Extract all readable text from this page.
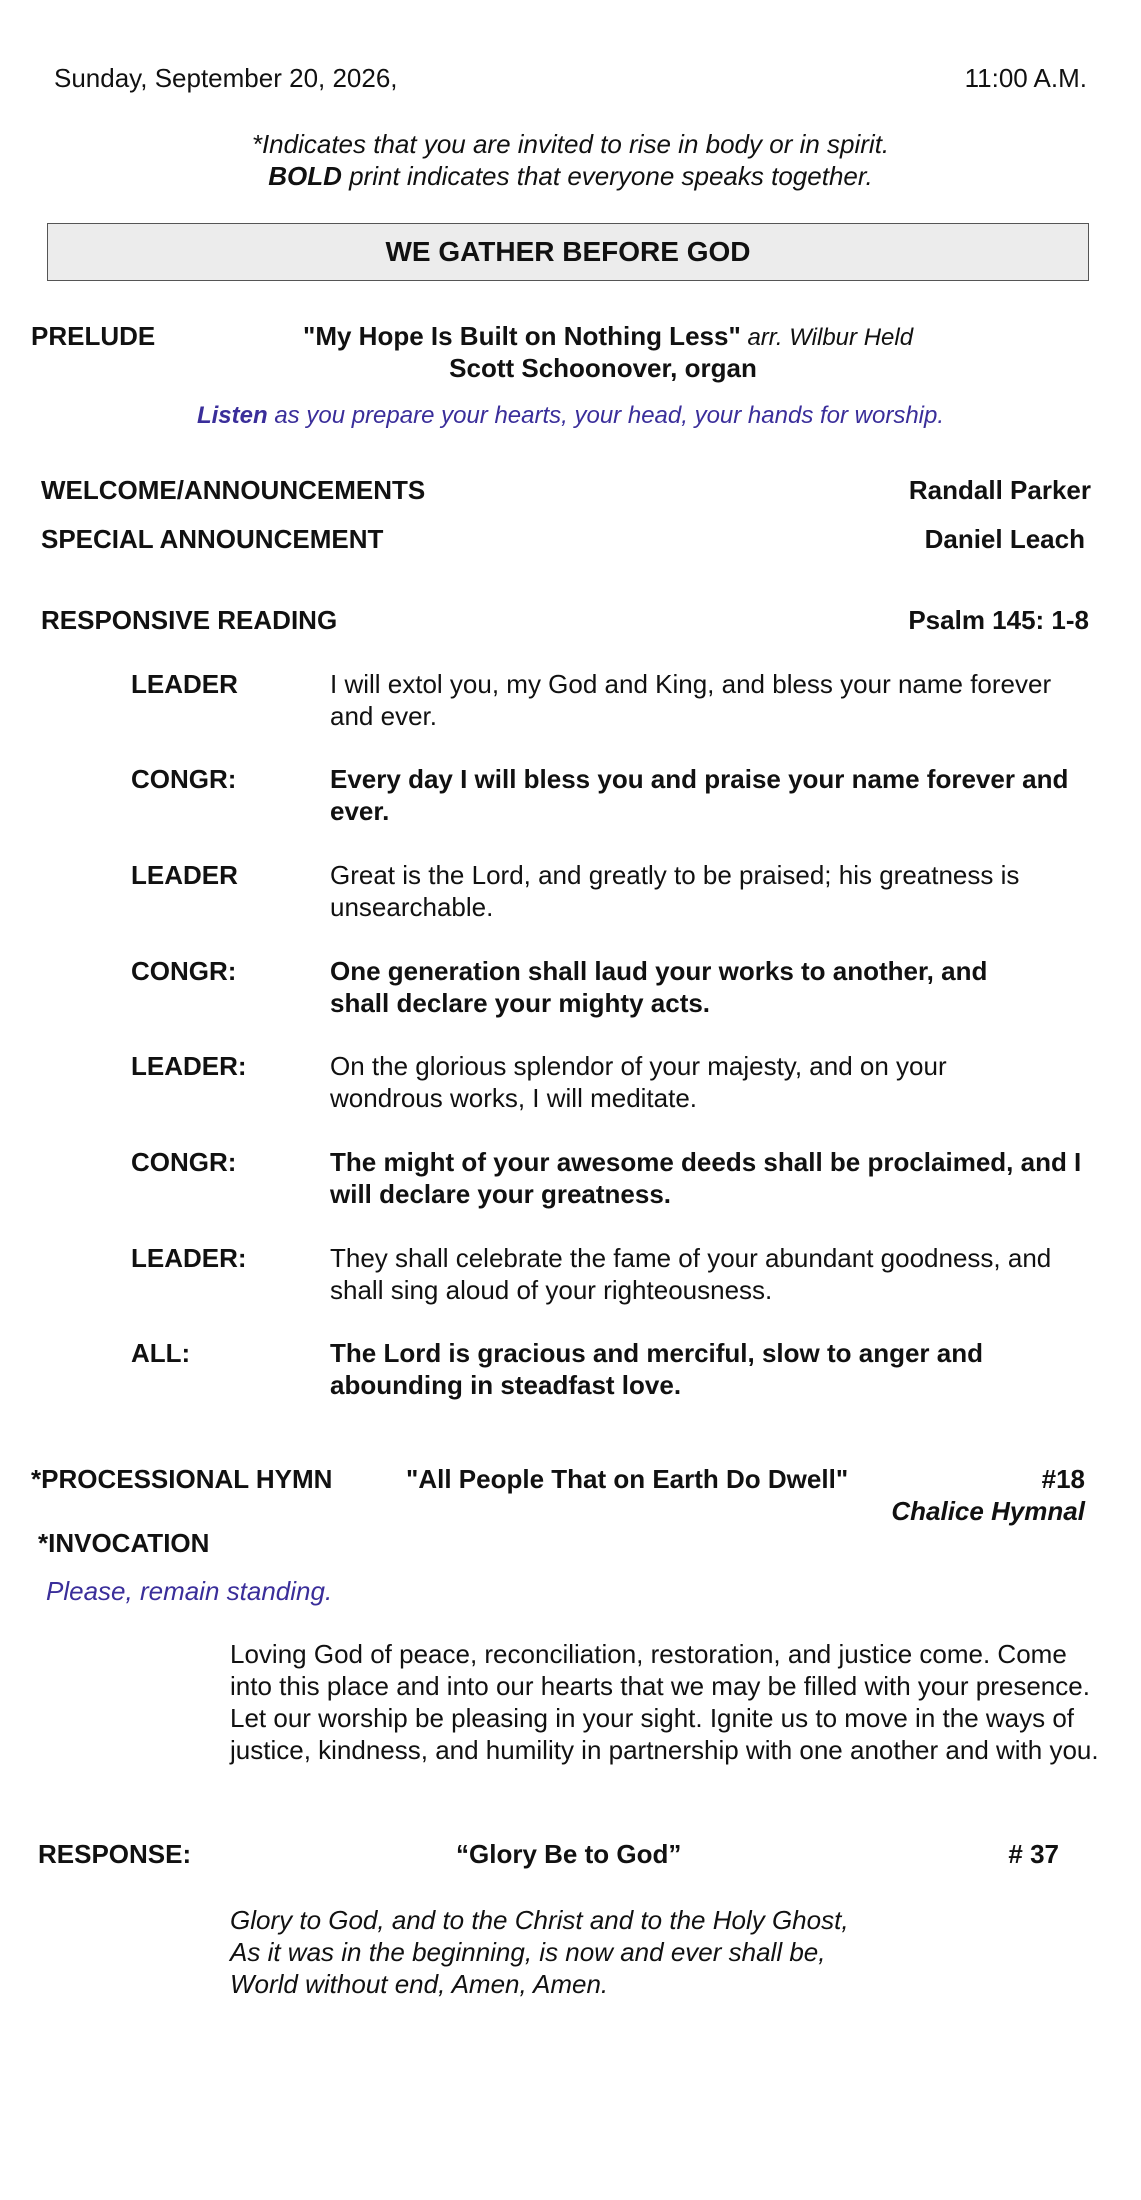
Sunday, September 20, 2026,	11:00 A.M.
*Indicates that you are invited to rise in body or in spirit.
BOLD print indicates that everyone speaks together.
WE GATHER BEFORE GOD
PRELUDE	"My Hope Is Built on Nothing Less" arr. Wilbur Held
Scott Schoonover, organ
Listen as you prepare your hearts, your head, your hands for worship.
WELCOME/ANNOUNCEMENTS	Randall Parker
SPECIAL ANNOUNCEMENT	Daniel Leach
RESPONSIVE READING	Psalm 145: 1-8
LEADER	I will extol you, my God and King, and bless your name forever and ever.
CONGR:	Every day I will bless you and praise your name forever and ever.
LEADER	Great is the Lord, and greatly to be praised; his greatness is unsearchable.
CONGR:	One generation shall laud your works to another, and shall declare your mighty acts.
LEADER:	On the glorious splendor of your majesty, and on your wondrous works, I will meditate.
CONGR:	The might of your awesome deeds shall be proclaimed, and I will declare your greatness.
LEADER:	They shall celebrate the fame of your abundant goodness, and shall sing aloud of your righteousness.
ALL:	The Lord is gracious and merciful, slow to anger and abounding in steadfast love.
*PROCESSIONAL HYMN	"All People That on Earth Do Dwell"	#18
Chalice Hymnal
*INVOCATION
Please, remain standing.
Loving God of peace, reconciliation, restoration, and justice come. Come into this place and into our hearts that we may be filled with your presence. Let our worship be pleasing in your sight. Ignite us to move in the ways of justice, kindness, and humility in partnership with one another and with you.
RESPONSE:	“Glory Be to God”	# 37
Glory to God, and to the Christ and to the Holy Ghost,
As it was in the beginning, is now and ever shall be,
World without end, Amen, Amen.
